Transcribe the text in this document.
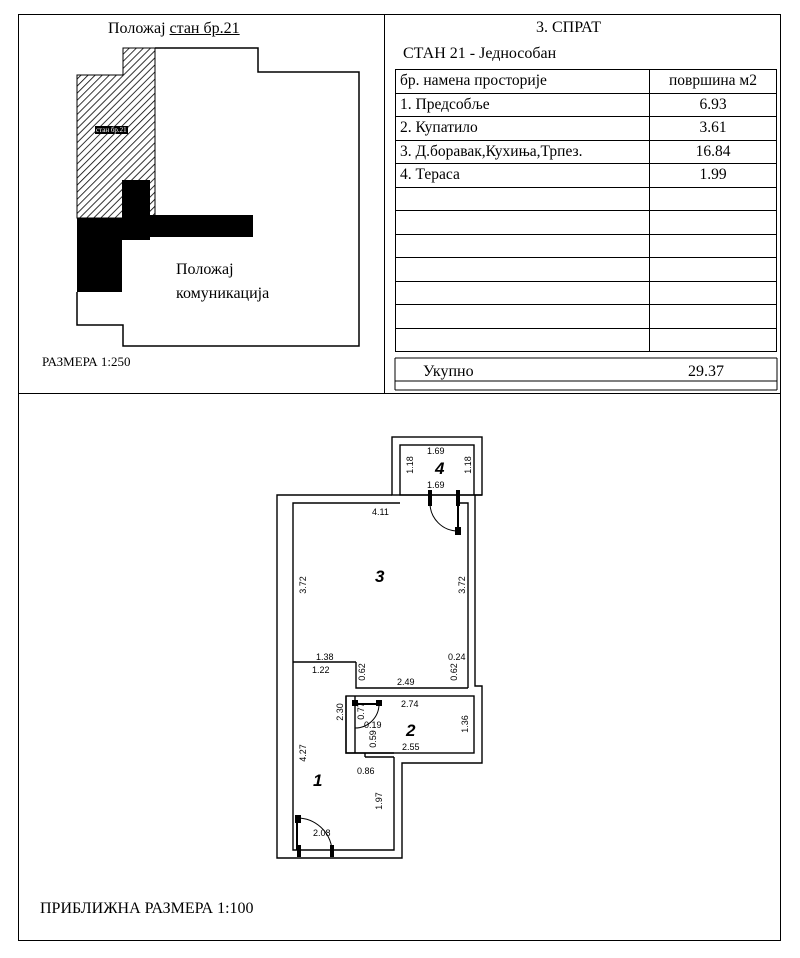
Положај стан бр.21
стан бр.21
Положај
комуникација
РАЗМЕРА 1:250
3. СПРАТ
СТАН 21 - Једнособан
бр. намена просторије	површина м2
1. Предсобље	6.93
2. Купатило	3.61
3. Д.боравак,Кухиња,Трпез.	16.84
4. Тераса	1.99

Укупно	29.37
4
3
2
1
1.69
1.18	1.18
1.69
4.11
3.72	3.72
1.38
1.22	0.62
0.24
0.62
2.49
2.30 0.77
0.19
0.59
2.74
1.36
2.55
4.27
0.86
1.97
2.08
ПРИБЛИЖНА РАЗМЕРА 1:100
